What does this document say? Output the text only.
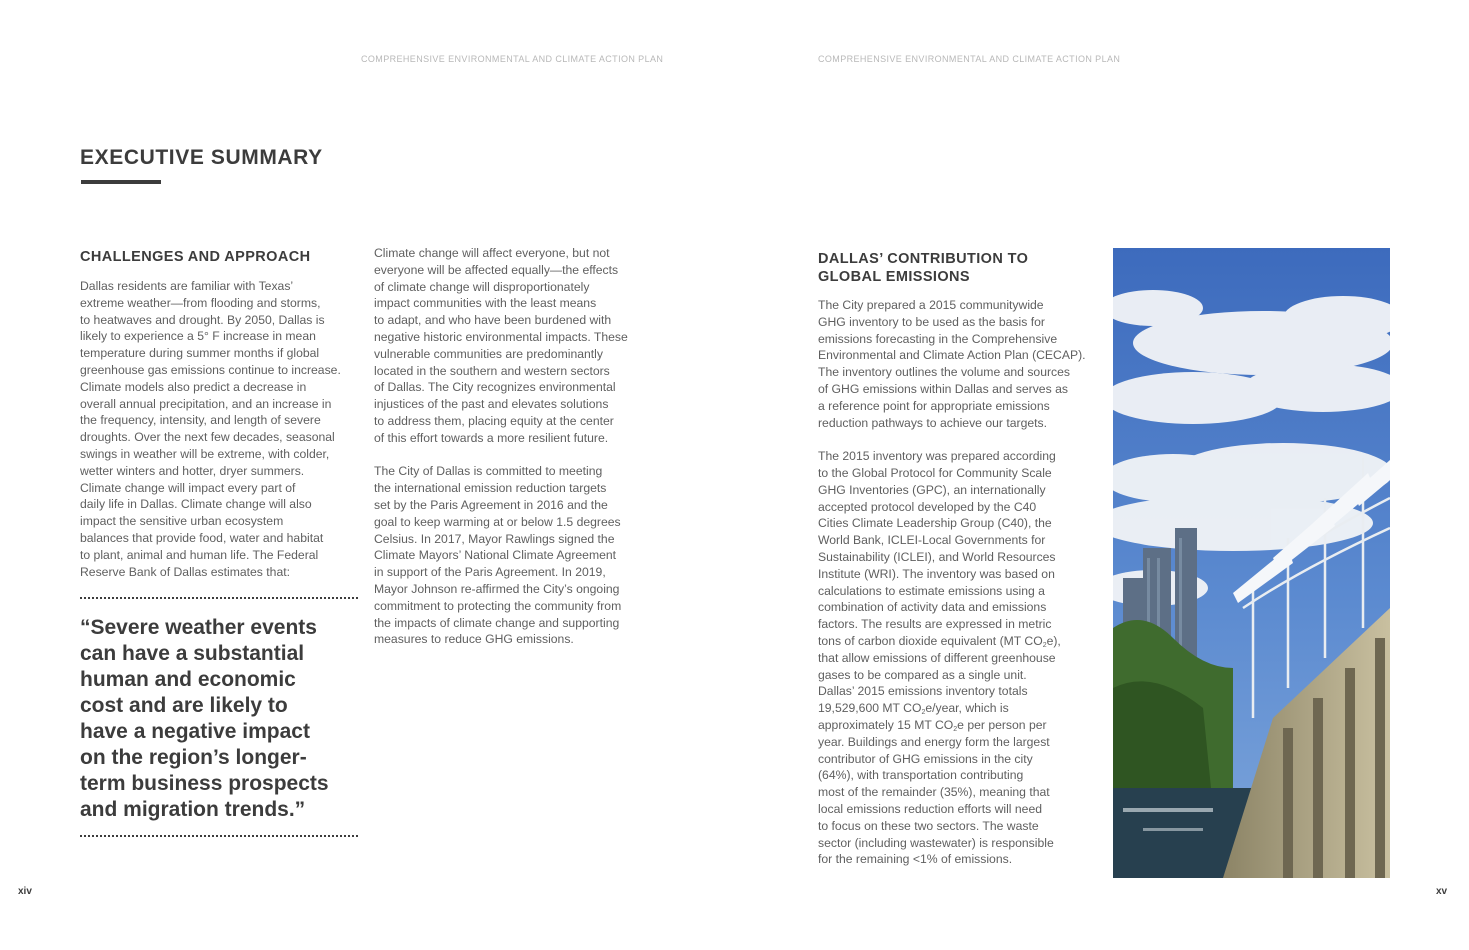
COMPREHENSIVE ENVIRONMENTAL AND CLIMATE ACTION PLAN	COMPREHENSIVE ENVIRONMENTAL AND CLIMATE ACTION PLAN
EXECUTIVE SUMMARY
CHALLENGES AND APPROACH

Dallas residents are familiar with Texas’
extreme weather—from flooding and storms,
to heatwaves and drought. By 2050, Dallas is
likely to experience a 5° F increase in mean
temperature during summer months if global
greenhouse gas emissions continue to increase.
Climate models also predict a decrease in
overall annual precipitation, and an increase in
the frequency, intensity, and length of severe
droughts. Over the next few decades, seasonal
swings in weather will be extreme, with colder,
wetter winters and hotter, dryer summers.
Climate change will impact every part of
daily life in Dallas. Climate change will also
impact the sensitive urban ecosystem
balances that provide food, water and habitat
to plant, animal and human life. The Federal
Reserve Bank of Dallas estimates that:

“Severe weather events
can have a substantial
human and economic
cost and are likely to
have a negative impact
on the region’s longer-
term business prospects
and migration trends.”

Climate change will affect everyone, but not
everyone will be affected equally—the effects
of climate change will disproportionately
impact communities with the least means
to adapt, and who have been burdened with
negative historic environmental impacts. These
vulnerable communities are predominantly
located in the southern and western sectors
of Dallas. The City recognizes environmental
injustices of the past and elevates solutions
to address them, placing equity at the center
of this effort towards a more resilient future.

The City of Dallas is committed to meeting
the international emission reduction targets
set by the Paris Agreement in 2016 and the
goal to keep warming at or below 1.5 degrees
Celsius. In 2017, Mayor Rawlings signed the
Climate Mayors’ National Climate Agreement
in support of the Paris Agreement. In 2019,
Mayor Johnson re-affirmed the City’s ongoing
commitment to protecting the community from
the impacts of climate change and supporting
measures to reduce GHG emissions.

DALLAS’ CONTRIBUTION TO
GLOBAL EMISSIONS

The City prepared a 2015 communitywide
GHG inventory to be used as the basis for
emissions forecasting in the Comprehensive
Environmental and Climate Action Plan (CECAP).
The inventory outlines the volume and sources
of GHG emissions within Dallas and serves as
a reference point for appropriate emissions
reduction pathways to achieve our targets.

The 2015 inventory was prepared according
to the Global Protocol for Community Scale
GHG Inventories (GPC), an internationally
accepted protocol developed by the C40
Cities Climate Leadership Group (C40), the
World Bank, ICLEI-Local Governments for
Sustainability (ICLEI), and World Resources
Institute (WRI). The inventory was based on
calculations to estimate emissions using a
combination of activity data and emissions
factors. The results are expressed in metric
tons of carbon dioxide equivalent (MT $CO_2e$),
that allow emissions of different greenhouse
gases to be compared as a single unit.
Dallas’ 2015 emissions inventory totals
19,529,600 MT $CO_2e$/year, which is
approximately 15 MT $CO_2e$ per person per
year. Buildings and energy form the largest
contributor of GHG emissions in the city
(64%), with transportation contributing
most of the remainder (35%), meaning that
local emissions reduction efforts will need
to focus on these two sectors. The waste
sector (including wastewater) is responsible
for the remaining <1% of emissions.

xiv	xv
